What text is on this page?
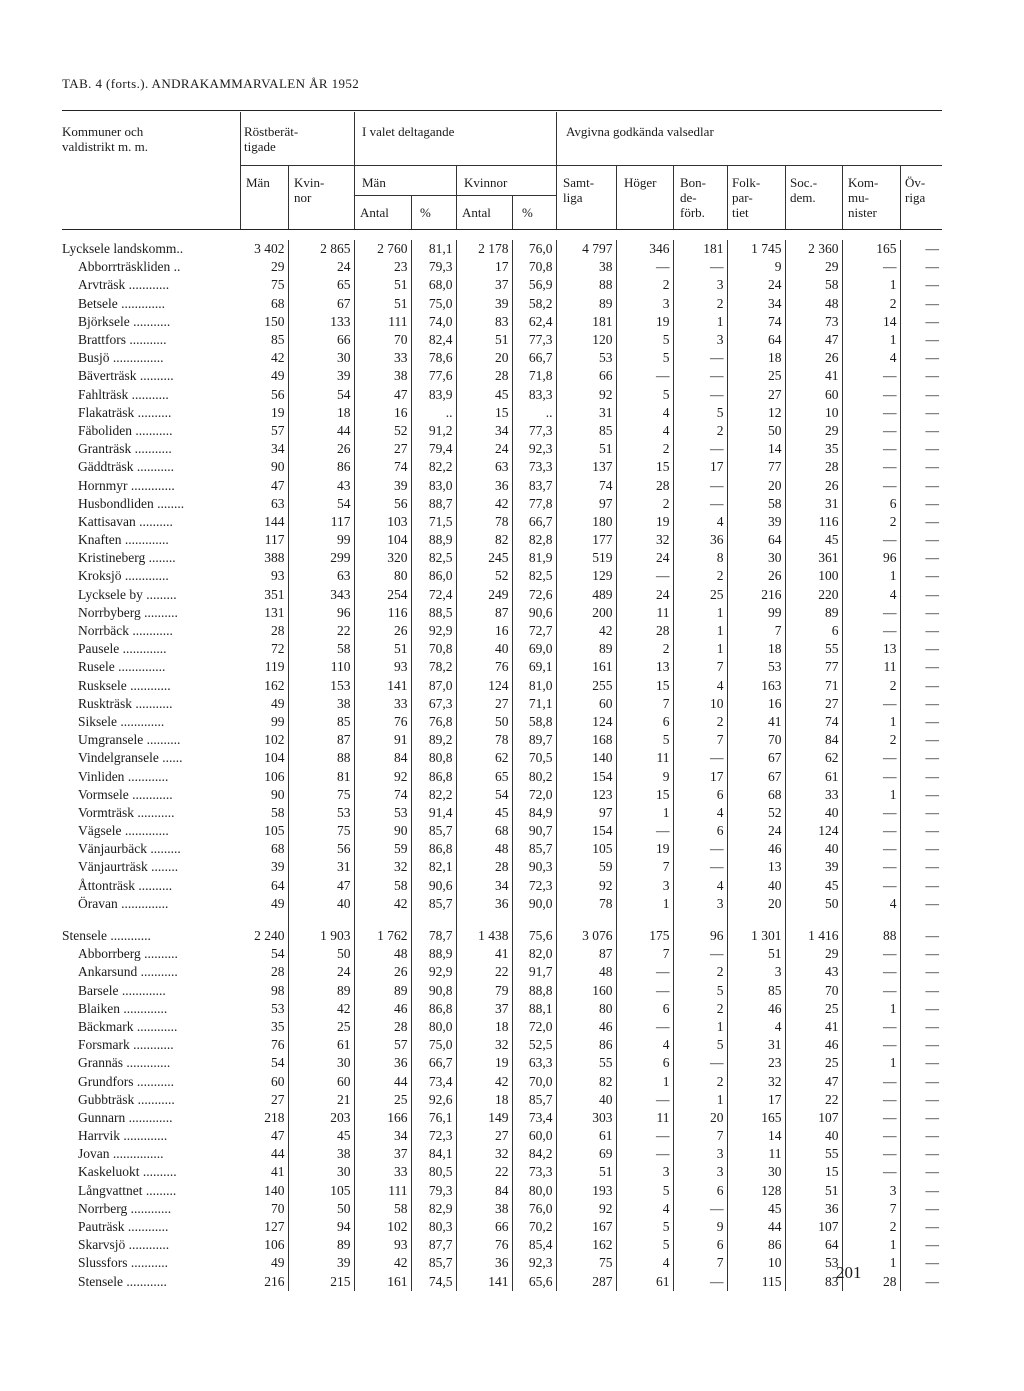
TAB. 4 (forts.). ANDRAKAMMARVALEN ÅR 1952
Kommuner och
valdistrikt m. m.
Röstberät-
tigade
I valet deltagande	Avgivna godkända valsedlar
Män Kvin-
nor
Män	Kvinnor
Antal % Antal %
Samt-
liga
Höger Bon-
de-
förb.
Folk-
par-
tiet
Soc.-
dem.
Kom-
mu-
nister
Öv-
riga
Lycksele landskomm..	3 402	2 865	2 760	81,1	2 178	76,0	4 797	346	181	1 745	2 360	165	—
Abborrträskliden ..	29	24	23	79,3	17	70,8	38	—	—	9	29	—	—
Arvträsk ............	75	65	51	68,0	37	56,9	88	2	3	24	58	1	—
Betsele .............	68	67	51	75,0	39	58,2	89	3	2	34	48	2	—
Björksele ...........	150	133	111	74,0	83	62,4	181	19	1	74	73	14	—
Brattfors ...........	85	66	70	82,4	51	77,3	120	5	3	64	47	1	—
Busjö ...............	42	30	33	78,6	20	66,7	53	5	—	18	26	4	—
Bäverträsk ..........	49	39	38	77,6	28	71,8	66	—	—	25	41	—	—
Fahlträsk ...........	56	54	47	83,9	45	83,3	92	5	—	27	60	—	—
Flakaträsk ..........	19	18	16	..	15	..	31	4	5	12	10	—	—
Fäboliden ...........	57	44	52	91,2	34	77,3	85	4	2	50	29	—	—
Granträsk ...........	34	26	27	79,4	24	92,3	51	2	—	14	35	—	—
Gäddträsk ...........	90	86	74	82,2	63	73,3	137	15	17	77	28	—	—
Hornmyr .............	47	43	39	83,0	36	83,7	74	28	—	20	26	—	—
Husbondliden ........	63	54	56	88,7	42	77,8	97	2	—	58	31	6	—
Kattisavan ..........	144	117	103	71,5	78	66,7	180	19	4	39	116	2	—
Knaften .............	117	99	104	88,9	82	82,8	177	32	36	64	45	—	—
Kristineberg ........	388	299	320	82,5	245	81,9	519	24	8	30	361	96	—
Kroksjö .............	93	63	80	86,0	52	82,5	129	—	2	26	100	1	—
Lycksele by .........	351	343	254	72,4	249	72,6	489	24	25	216	220	4	—
Norrbyberg ..........	131	96	116	88,5	87	90,6	200	11	1	99	89	—	—
Norrbäck ............	28	22	26	92,9	16	72,7	42	28	1	7	6	—	—
Pausele .............	72	58	51	70,8	40	69,0	89	2	1	18	55	13	—
Rusele ..............	119	110	93	78,2	76	69,1	161	13	7	53	77	11	—
Rusksele ............	162	153	141	87,0	124	81,0	255	15	4	163	71	2	—
Ruskträsk ...........	49	38	33	67,3	27	71,1	60	7	10	16	27	—	—
Siksele .............	99	85	76	76,8	50	58,8	124	6	2	41	74	1	—
Umgransele ..........	102	87	91	89,2	78	89,7	168	5	7	70	84	2	—
Vindelgransele ......	104	88	84	80,8	62	70,5	140	11	—	67	62	—	—
Vinliden ............	106	81	92	86,8	65	80,2	154	9	17	67	61	—	—
Vormsele ............	90	75	74	82,2	54	72,0	123	15	6	68	33	1	—
Vormträsk ...........	58	53	53	91,4	45	84,9	97	1	4	52	40	—	—
Vägsele .............	105	75	90	85,7	68	90,7	154	—	6	24	124	—	—
Vänjaurbäck .........	68	56	59	86,8	48	85,7	105	19	—	46	40	—	—
Vänjaurträsk ........	39	31	32	82,1	28	90,3	59	7	—	13	39	—	—
Åttonträsk ..........	64	47	58	90,6	34	72,3	92	3	4	40	45	—	—
Öravan ..............	49	40	42	85,7	36	90,0	78	1	3	20	50	4	—

Stensele ............	2 240	1 903	1 762	78,7	1 438	75,6	3 076	175	96	1 301	1 416	88	—
Abborrberg ..........	54	50	48	88,9	41	82,0	87	7	—	51	29	—	—
Ankarsund ...........	28	24	26	92,9	22	91,7	48	—	2	3	43	—	—
Barsele .............	98	89	89	90,8	79	88,8	160	—	5	85	70	—	—
Blaiken .............	53	42	46	86,8	37	88,1	80	6	2	46	25	1	—
Bäckmark ............	35	25	28	80,0	18	72,0	46	—	1	4	41	—	—
Forsmark ............	76	61	57	75,0	32	52,5	86	4	5	31	46	—	—
Grannäs .............	54	30	36	66,7	19	63,3	55	6	—	23	25	1	—
Grundfors ...........	60	60	44	73,4	42	70,0	82	1	2	32	47	—	—
Gubbträsk ...........	27	21	25	92,6	18	85,7	40	—	1	17	22	—	—
Gunnarn .............	218	203	166	76,1	149	73,4	303	11	20	165	107	—	—
Harrvik .............	47	45	34	72,3	27	60,0	61	—	7	14	40	—	—
Jovan ...............	44	38	37	84,1	32	84,2	69	—	3	11	55	—	—
Kaskeluokt ..........	41	30	33	80,5	22	73,3	51	3	3	30	15	—	—
Långvattnet .........	140	105	111	79,3	84	80,0	193	5	6	128	51	3	—
Norrberg ............	70	50	58	82,9	38	76,0	92	4	—	45	36	7	—
Pauträsk ............	127	94	102	80,3	66	70,2	167	5	9	44	107	2	—
Skarvsjö ............	106	89	93	87,7	76	85,4	162	5	6	86	64	1	—
Slussfors ...........	49	39	42	85,7	36	92,3	75	4	7	10	53	1	—
Stensele ............	216	215	161	74,5	141	65,6	287	61	—	115	83	28	—
201
